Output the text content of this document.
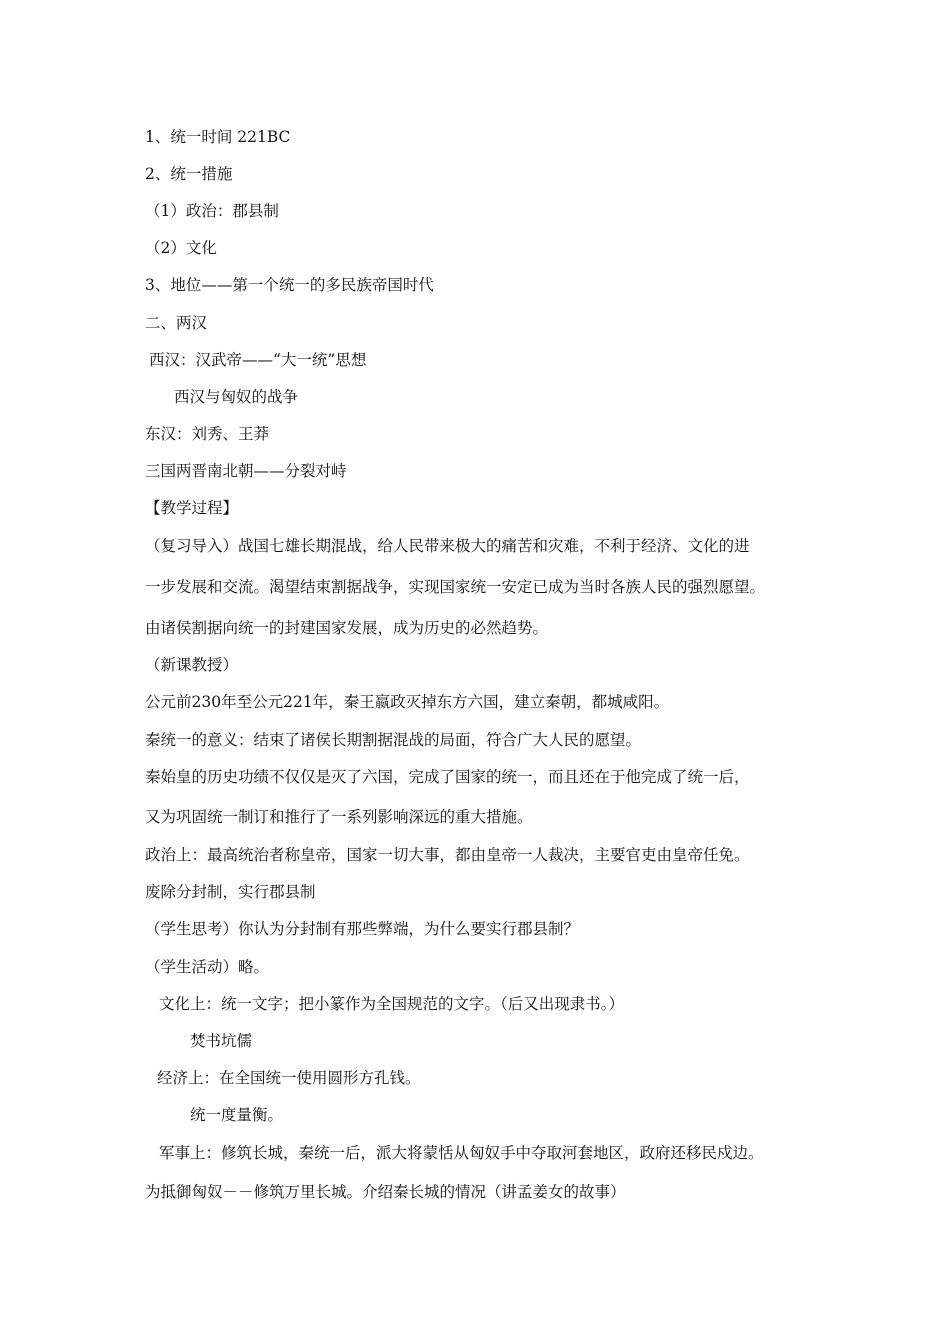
1、统一时间 221BC
2、统一措施
（1）政治：郡县制
（2）文化
3、地位——第一个统一的多民族帝国时代
二、两汉
西汉：汉武帝——“大一统”思想
西汉与匈奴的战争
东汉：刘秀、王莽
三国两晋南北朝——分裂对峙
【教学过程】
（复习导入）战国七雄长期混战，给人民带来极大的痛苦和灾难，不利于经济、文化的进
一步发展和交流。渴望结束割据战争，实现国家统一安定已成为当时各族人民的强烈愿望。
由诸侯割据向统一的封建国家发展，成为历史的必然趋势。
（新课教授）
公元前230年至公元221年，秦王嬴政灭掉东方六国，建立秦朝，都城咸阳。
秦统一的意义：结束了诸侯长期割据混战的局面，符合广大人民的愿望。
秦始皇的历史功绩不仅仅是灭了六国，完成了国家的统一，而且还在于他完成了统一后，
又为巩固统一制订和推行了一系列影响深远的重大措施。
政治上：最高统治者称皇帝，国家一切大事，都由皇帝一人裁决，主要官吏由皇帝任免。
废除分封制，实行郡县制
（学生思考）你认为分封制有那些弊端，为什么要实行郡县制？
（学生活动）略。
文化上：统一文字；把小篆作为全国规范的文字。（后又出现隶书。）
焚书坑儒
经济上：在全国统一使用圆形方孔钱。
统一度量衡。
军事上：修筑长城，秦统一后，派大将蒙恬从匈奴手中夺取河套地区，政府还移民戍边。
为抵御匈奴－－修筑万里长城。介绍秦长城的情况（讲孟姜女的故事）
